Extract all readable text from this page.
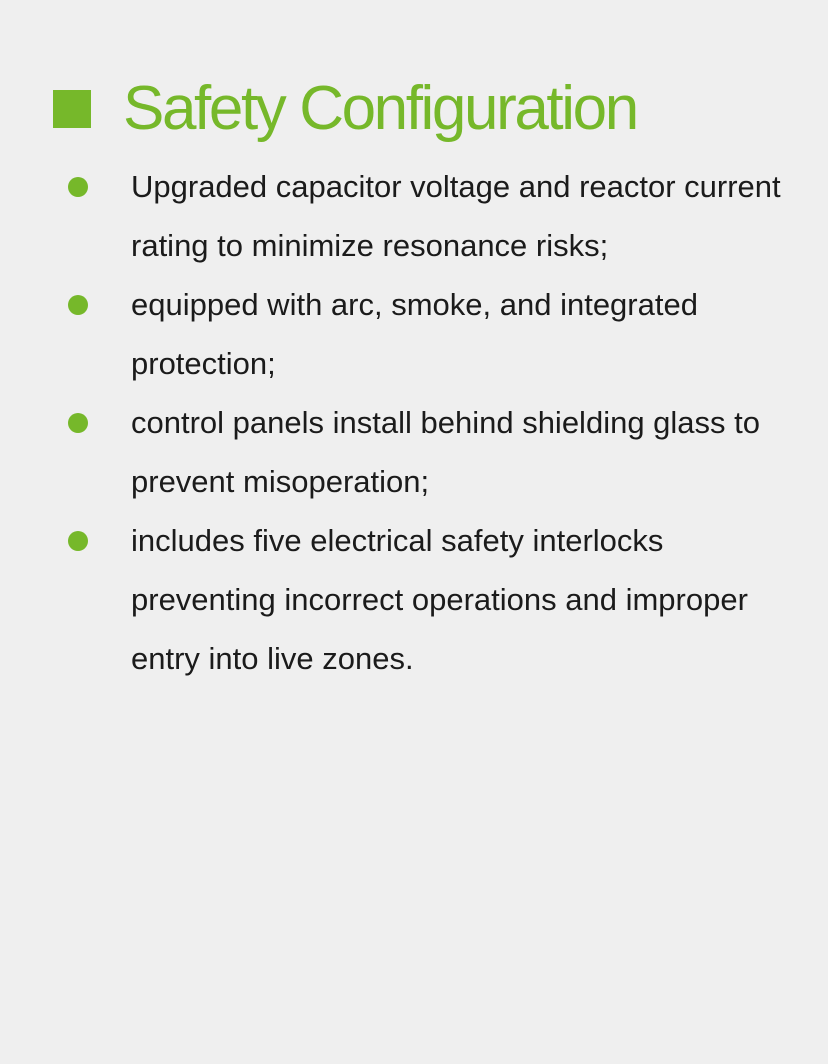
Safety Configuration
Upgraded capacitor voltage and reactor current rating to minimize resonance risks;
equipped with arc, smoke, and integrated protection;
control panels install behind shielding glass to prevent misoperation;
includes five electrical safety interlocks preventing incorrect operations and improper entry into live zones.
